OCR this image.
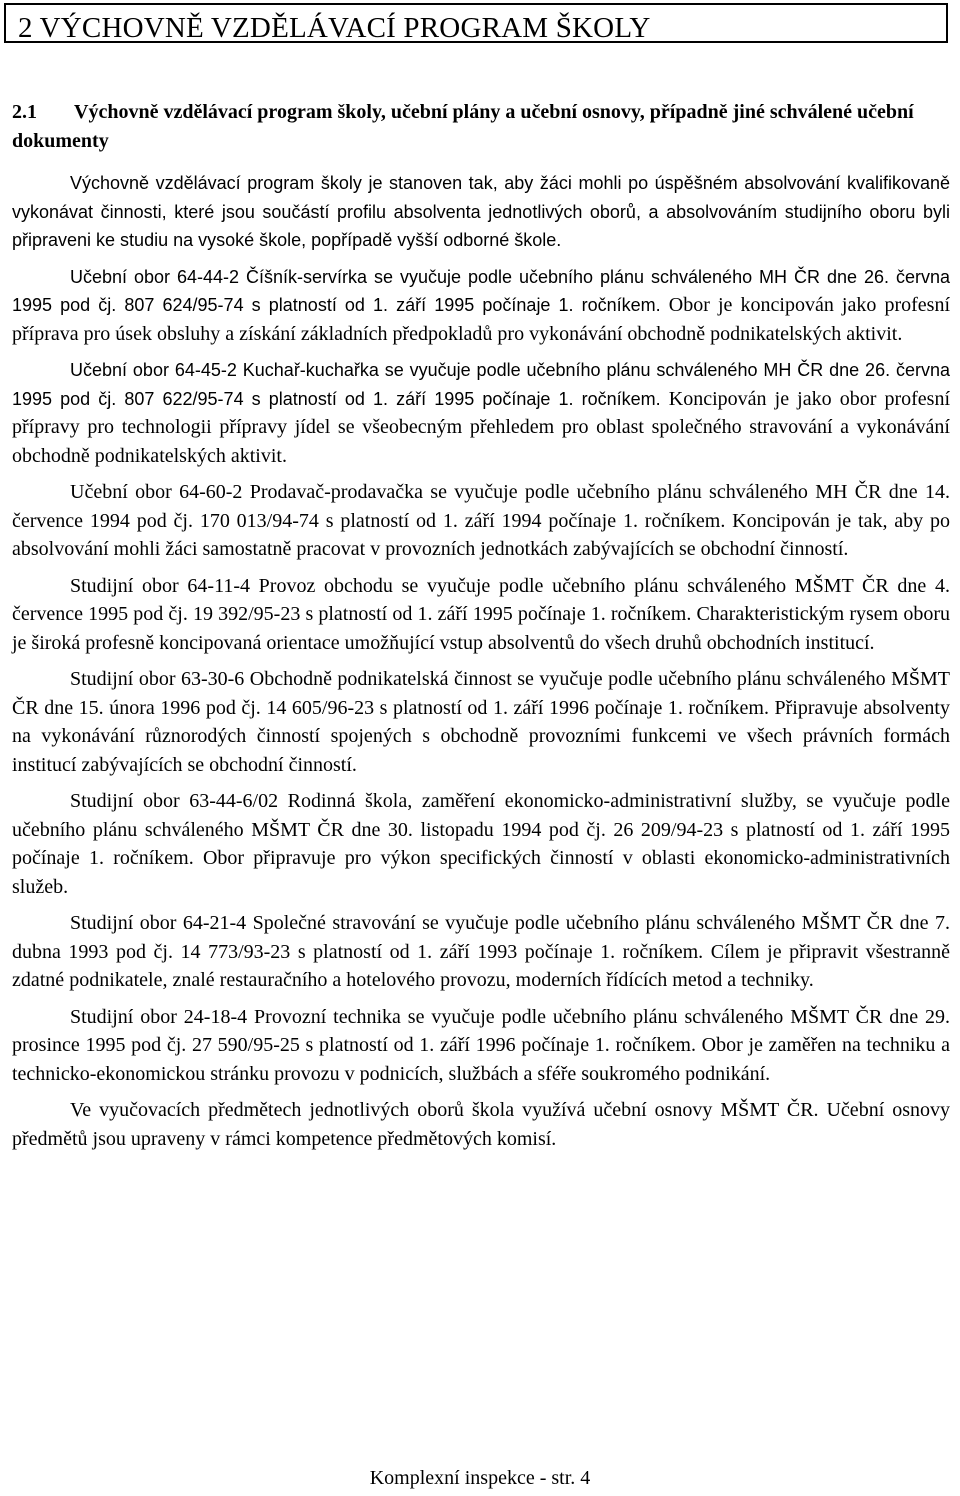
2 VÝCHOVNĚ VZDĚLÁVACÍ PROGRAM ŠKOLY
2.1 Výchovně vzdělávací program školy, učební plány a učební osnovy, případně jiné schválené učební dokumenty

Výchovně vzdělávací program školy je stanoven tak, aby žáci mohli po úspěšném absolvování kvalifikovaně vykonávat činnosti, které jsou součástí profilu absolventa jednotlivých oborů, a absolvováním studijního oboru byli připraveni ke studiu na vysoké škole, popřípadě vyšší odborné škole.

Učební obor 64-44-2 Číšník-servírka se vyučuje podle učebního plánu schváleného MH ČR dne 26. června 1995 pod čj. 807 624/95-74 s platností od 1. září 1995 počínaje 1. ročníkem. Obor je koncipován jako profesní příprava pro úsek obsluhy a získání základních předpokladů pro vykonávání obchodně podnikatelských aktivit.

Učební obor 64-45-2 Kuchař-kuchařka se vyučuje podle učebního plánu schváleného MH ČR dne 26. června 1995 pod čj. 807 622/95-74 s platností od 1. září 1995 počínaje 1. ročníkem. Koncipován je jako obor profesní přípravy pro technologii přípravy jídel se všeobecným přehledem pro oblast společného stravování a vykonávání obchodně podnikatelských aktivit.

Učební obor 64-60-2 Prodavač-prodavačka se vyučuje podle učebního plánu schváleného MH ČR dne 14. července 1994 pod čj. 170 013/94-74 s platností od 1. září 1994 počínaje 1. ročníkem. Koncipován je tak, aby po absolvování mohli žáci samostatně pracovat v provozních jednotkách zabývajících se obchodní činností.

Studijní obor 64-11-4 Provoz obchodu se vyučuje podle učebního plánu schváleného MŠMT ČR dne 4. července 1995 pod čj. 19 392/95-23 s platností od 1. září 1995 počínaje 1. ročníkem. Charakteristickým rysem oboru je široká profesně koncipovaná orientace umožňující vstup absolventů do všech druhů obchodních institucí.

Studijní obor 63-30-6 Obchodně podnikatelská činnost se vyučuje podle učebního plánu schváleného MŠMT ČR dne 15. února 1996 pod čj. 14 605/96-23 s platností od 1. září 1996 počínaje 1. ročníkem. Připravuje absolventy na vykonávání různorodých činností spojených s obchodně provozními funkcemi ve všech právních formách institucí zabývajících se obchodní činností.

Studijní obor 63-44-6/02 Rodinná škola, zaměření ekonomicko-administrativní služby, se vyučuje podle učebního plánu schváleného MŠMT ČR dne 30. listopadu 1994 pod čj. 26 209/94-23 s platností od 1. září 1995 počínaje 1. ročníkem. Obor připravuje pro výkon specifických činností v oblasti ekonomicko-administrativních služeb.

Studijní obor 64-21-4 Společné stravování se vyučuje podle učebního plánu schváleného MŠMT ČR dne 7. dubna 1993 pod čj. 14 773/93-23 s platností od 1. září 1993 počínaje 1. ročníkem. Cílem je připravit všestranně zdatné podnikatele, znalé restauračního a hotelového provozu, moderních řídících metod a techniky.

Studijní obor 24-18-4 Provozní technika se vyučuje podle učebního plánu schváleného MŠMT ČR dne 29. prosince 1995 pod čj. 27 590/95-25 s platností od 1. září 1996 počínaje 1. ročníkem. Obor je zaměřen na techniku a technicko-ekonomickou stránku provozu v podnicích, službách a sféře soukromého podnikání.

Ve vyučovacích předmětech jednotlivých oborů škola využívá učební osnovy MŠMT ČR. Učební osnovy předmětů jsou upraveny v rámci kompetence předmětových komisí.

Komplexní inspekce - str. 4
